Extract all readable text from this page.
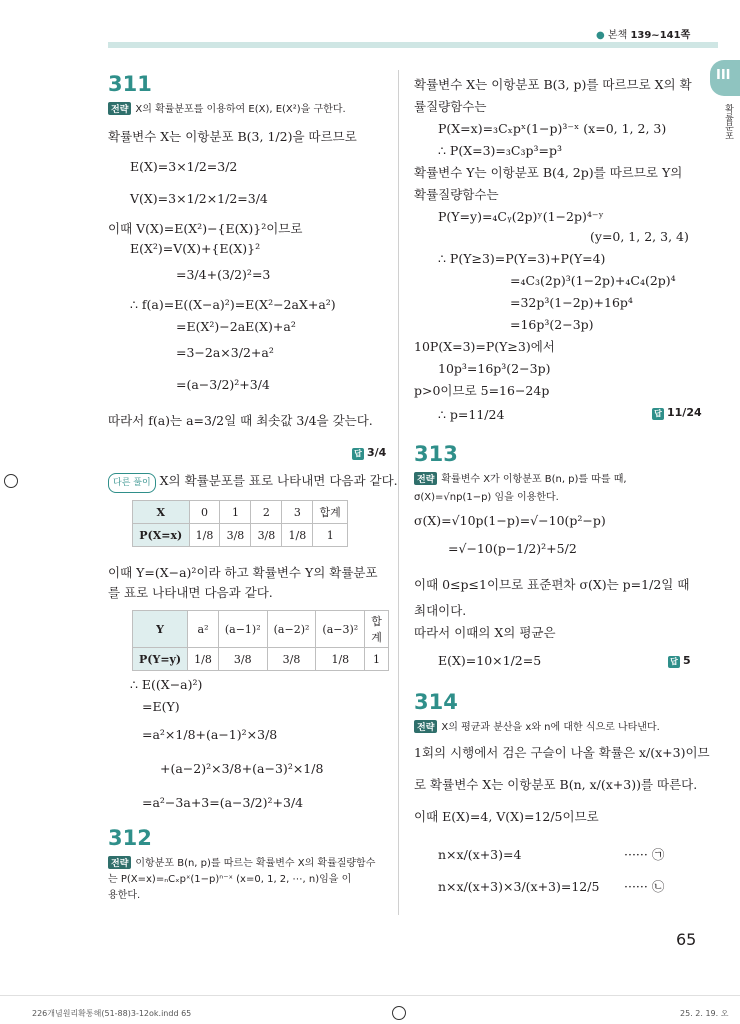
● 본책 139~141쪽
III
확률분포
311
전략 X의 확률분포를 이용하여 E(X), E(X²)을 구한다.
확률변수 X는 이항분포 B(3, 1/2)을 따르므로
E(X)=3×1/2=3/2
V(X)=3×1/2×1/2=3/4
이때 V(X)=E(X²)−{E(X)}²이므로
E(X²)=V(X)+{E(X)}²
=3/4+(3/2)²=3
∴ f(a)=E((X−a)²)=E(X²−2aX+a²)
=E(X²)−2aE(X)+a²
=3−2a×3/2+a²
=(a−3/2)²+3/4
따라서 f(a)는 a=3/2일 때 최솟값 3/4을 갖는다.
답 3/4
다른 풀이 X의 확률분포를 표로 나타내면 다음과 같다.
X	0	1	2	3	합계
P(X=x)	1/8	3/8	3/8	1/8	1
이때 Y=(X−a)²이라 하고 확률변수 Y의 확률분포
를 표로 나타내면 다음과 같다.
Y	a²	(a−1)²	(a−2)²	(a−3)²	합계
P(Y=y)	1/8	3/8	3/8	1/8	1
∴ E((X−a)²)
=E(Y)
=a²×1/8+(a−1)²×3/8
+(a−2)²×3/8+(a−3)²×1/8
=a²−3a+3=(a−3/2)²+3/4
312
전략 이항분포 B(n, p)를 따르는 확률변수 X의 확률질량함수
는 P(X=x)=ₙCₓpˣ(1−p)ⁿ⁻ˣ (x=0, 1, 2, ⋯, n)임을 이
용한다.
확률변수 X는 이항분포 B(3, p)를 따르므로 X의 확
률질량함수는
P(X=x)=₃Cₓpˣ(1−p)³⁻ˣ (x=0, 1, 2, 3)
∴ P(X=3)=₃C₃p³=p³
확률변수 Y는 이항분포 B(4, 2p)를 따르므로 Y의
확률질량함수는
P(Y=y)=₄Cᵧ(2p)ʸ(1−2p)⁴⁻ʸ
(y=0, 1, 2, 3, 4)
∴ P(Y≥3)=P(Y=3)+P(Y=4)
=₄C₃(2p)³(1−2p)+₄C₄(2p)⁴
=32p³(1−2p)+16p⁴
=16p³(2−3p)
10P(X=3)=P(Y≥3)에서
10p³=16p³(2−3p)
p>0이므로 5=16−24p
∴ p=11/24	답 11/24
313
전략 확률변수 X가 이항분포 B(n, p)를 따를 때,
σ(X)=√np(1−p) 임을 이용한다.
σ(X)=√10p(1−p)=√−10(p²−p)
=√−10(p−1/2)²+5/2
이때 0≤p≤1이므로 표준편차 σ(X)는 p=1/2일 때
최대이다.
따라서 이때의 X의 평균은
E(X)=10×1/2=5	답 5
314
전략 X의 평균과 분산을 x와 n에 대한 식으로 나타낸다.
1회의 시행에서 검은 구슬이 나올 확률은 x/(x+3)이므
로 확률변수 X는 이항분포 B(n, x/(x+3))를 따른다.
이때 E(X)=4, V(X)=12/5이므로
n×x/(x+3)=4
n×x/(x+3)×3/(x+3)=12/5
······ ㉠
······ ㉡
65
226개념원리확통해(51-88)3-12ok.indd 65	25. 2. 19. 오
